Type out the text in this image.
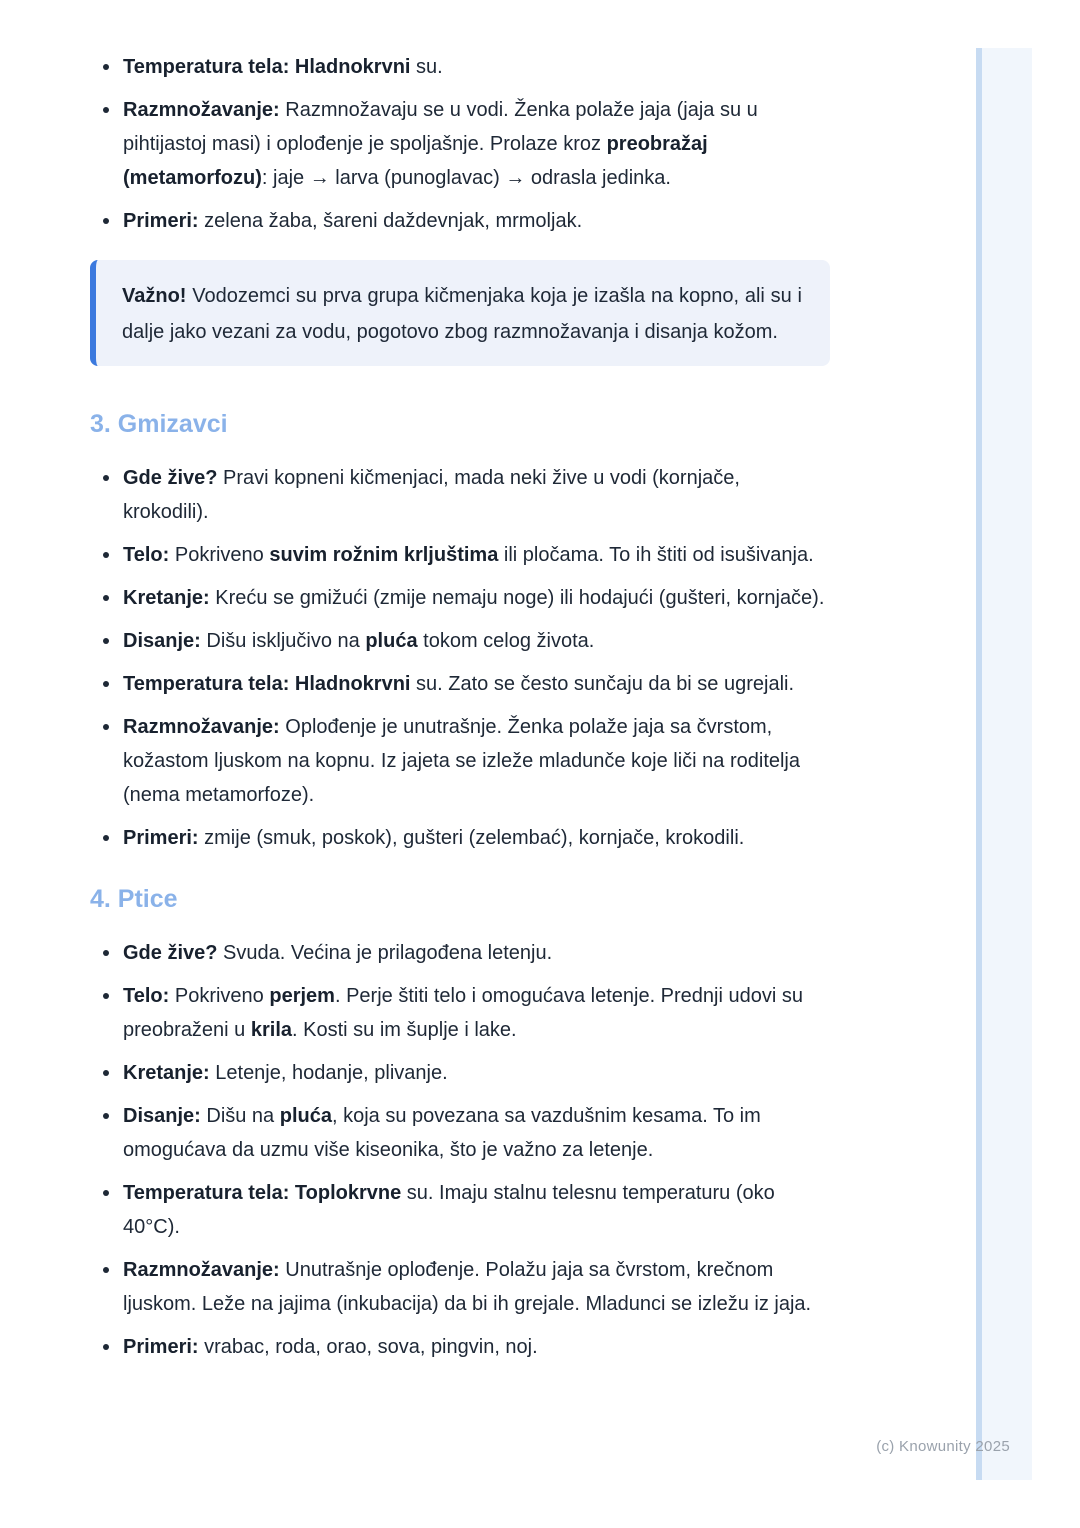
Temperatura tela: Hladnokrvni su.
Razmnožavanje: Razmnožavaju se u vodi. Ženka polaže jaja (jaja su u pihtijastoj masi) i oplođenje je spoljašnje. Prolaze kroz preobražaj (metamorfozu): jaje → larva (punoglavac) → odrasla jedinka.
Primeri: zelena žaba, šareni daždevnjak, mrmoljak.

Važno! Vodozemci su prva grupa kičmenjaka koja je izašla na kopno, ali su i dalje jako vezani za vodu, pogotovo zbog razmnožavanja i disanja kožom.

3. Gmizavci
Gde žive? Pravi kopneni kičmenjaci, mada neki žive u vodi (kornjače, krokodili).
Telo: Pokriveno suvim rožnim krljuštima ili pločama. To ih štiti od isušivanja.
Kretanje: Kreću se gmižući (zmije nemaju noge) ili hodajući (gušteri, kornjače).
Disanje: Dišu isključivo na pluća tokom celog života.
Temperatura tela: Hladnokrvni su. Zato se često sunčaju da bi se ugrejali.
Razmnožavanje: Oplođenje je unutrašnje. Ženka polaže jaja sa čvrstom, kožastom ljuskom na kopnu. Iz jajeta se izleže mladunče koje liči na roditelja (nema metamorfoze).
Primeri: zmije (smuk, poskok), gušteri (zelembać), kornjače, krokodili.
4. Ptice
Gde žive? Svuda. Većina je prilagođena letenju.
Telo: Pokriveno perjem. Perje štiti telo i omogućava letenje. Prednji udovi su preobraženi u krila. Kosti su im šuplje i lake.
Kretanje: Letenje, hodanje, plivanje.
Disanje: Dišu na pluća, koja su povezana sa vazdušnim kesama. To im omogućava da uzmu više kiseonika, što je važno za letenje.
Temperatura tela: Toplokrvne su. Imaju stalnu telesnu temperaturu (oko 40°C).
Razmnožavanje: Unutrašnje oplođenje. Polažu jaja sa čvrstom, krečnom ljuskom. Leže na jajima (inkubacija) da bi ih grejale. Mladunci se izležu iz jaja.
Primeri: vrabac, roda, orao, sova, pingvin, noj.
(c) Knowunity 2025
